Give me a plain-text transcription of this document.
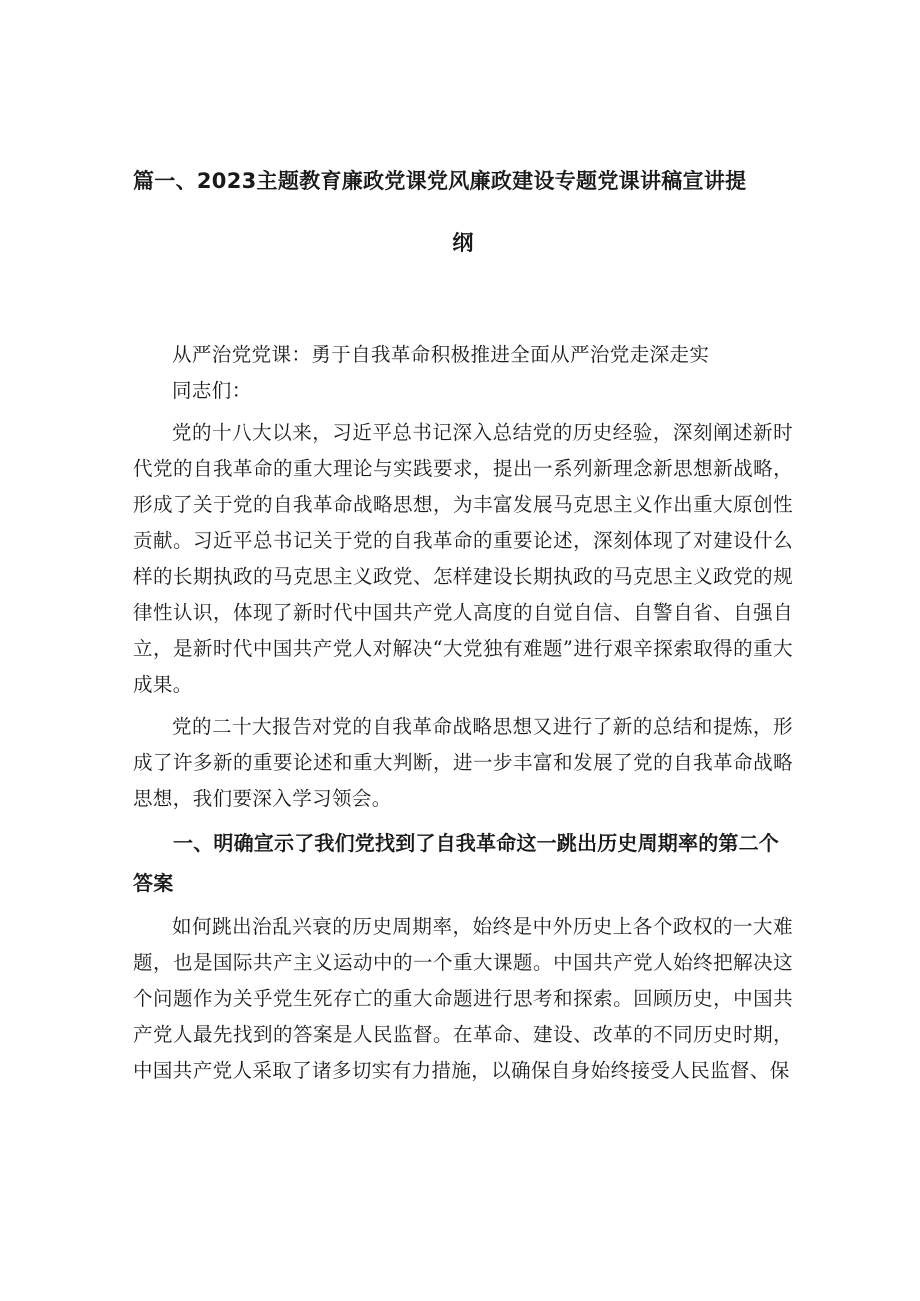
篇一、2023主题教育廉政党课党风廉政建设专题党课讲稿宣讲提
纲

从严治党党课：勇于自我革命积极推进全面从严治党走深走实

同志们：

党的十八大以来，习近平总书记深入总结党的历史经验，深刻阐述新时代党的自我革命的重大理论与实践要求，提出一系列新理念新思想新战略，形成了关于党的自我革命战略思想，为丰富发展马克思主义作出重大原创性贡献。习近平总书记关于党的自我革命的重要论述，深刻体现了对建设什么样的长期执政的马克思主义政党、怎样建设长期执政的马克思主义政党的规律性认识，体现了新时代中国共产党人高度的自觉自信、自警自省、自强自立，是新时代中国共产党人对解决“大党独有难题”进行艰辛探索取得的重大成果。

党的二十大报告对党的自我革命战略思想又进行了新的总结和提炼，形成了许多新的重要论述和重大判断，进一步丰富和发展了党的自我革命战略思想，我们要深入学习领会。

一、明确宣示了我们党找到了自我革命这一跳出历史周期率的第二个答案

如何跳出治乱兴衰的历史周期率，始终是中外历史上各个政权的一大难题，也是国际共产主义运动中的一个重大课题。中国共产党人始终把解决这个问题作为关乎党生死存亡的重大命题进行思考和探索。回顾历史，中国共产党人最先找到的答案是人民监督。在革命、建设、改革的不同历史时期，中国共产党人采取了诸多切实有力措施，以确保自身始终接受人民监督、保
